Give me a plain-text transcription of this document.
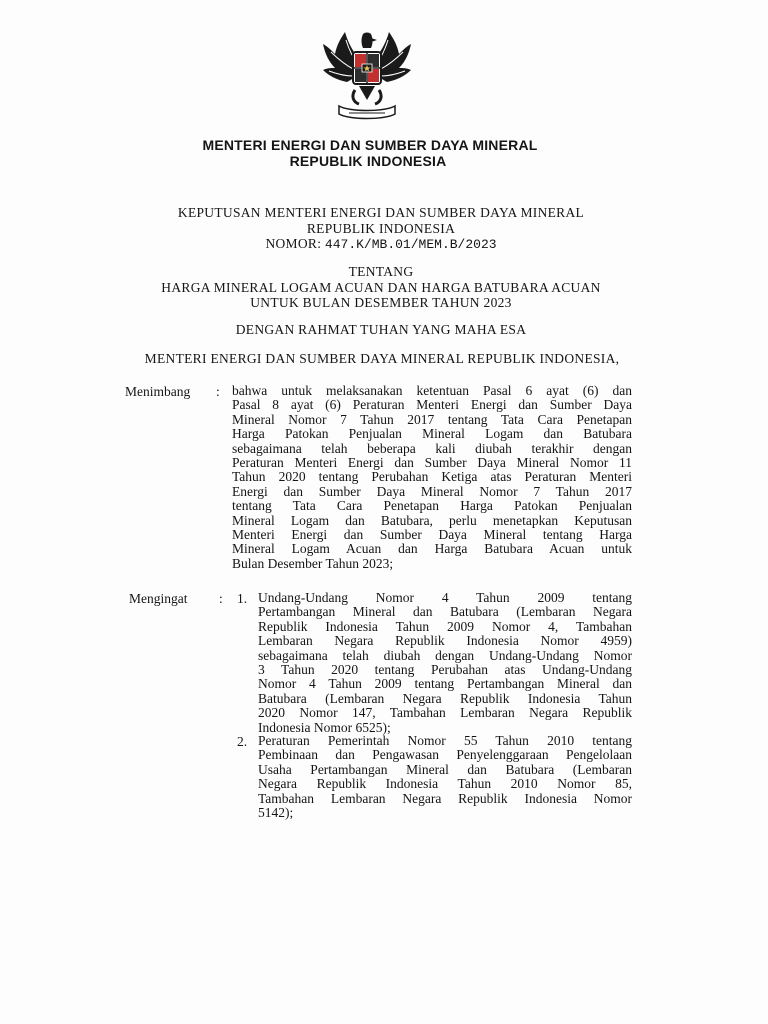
MENTERI ENERGI DAN SUMBER DAYA MINERAL
REPUBLIK INDONESIA
KEPUTUSAN MENTERI ENERGI DAN SUMBER DAYA MINERAL
REPUBLIK INDONESIA
NOMOR: 447.K/MB.01/MEM.B/2023
TENTANG
HARGA MINERAL LOGAM ACUAN DAN HARGA BATUBARA ACUAN
UNTUK BULAN DESEMBER TAHUN 2023
DENGAN RAHMAT TUHAN YANG MAHA ESA
MENTERI ENERGI DAN SUMBER DAYA MINERAL REPUBLIK INDONESIA,
Menimbang : bahwa untuk melaksanakan ketentuan Pasal 6 ayat (6) dan
Pasal 8 ayat (6) Peraturan Menteri Energi dan Sumber Daya
Mineral Nomor 7 Tahun 2017 tentang Tata Cara Penetapan
Harga Patokan Penjualan Mineral Logam dan Batubara
sebagaimana telah beberapa kali diubah terakhir dengan
Peraturan Menteri Energi dan Sumber Daya Mineral Nomor 11
Tahun 2020 tentang Perubahan Ketiga atas Peraturan Menteri
Energi dan Sumber Daya Mineral Nomor 7 Tahun 2017
tentang Tata Cara Penetapan Harga Patokan Penjualan
Mineral Logam dan Batubara, perlu menetapkan Keputusan
Menteri Energi dan Sumber Daya Mineral tentang Harga
Mineral Logam Acuan dan Harga Batubara Acuan untuk
Bulan Desember Tahun 2023;
Mengingat : 1. Undang-Undang Nomor 4 Tahun 2009 tentang
Pertambangan Mineral dan Batubara (Lembaran Negara
Republik Indonesia Tahun 2009 Nomor 4, Tambahan
Lembaran Negara Republik Indonesia Nomor 4959)
sebagaimana telah diubah dengan Undang-Undang Nomor
3 Tahun 2020 tentang Perubahan atas Undang-Undang
Nomor 4 Tahun 2009 tentang Pertambangan Mineral dan
Batubara (Lembaran Negara Republik Indonesia Tahun
2020 Nomor 147, Tambahan Lembaran Negara Republik
Indonesia Nomor 6525);
2. Peraturan Pemerintah Nomor 55 Tahun 2010 tentang
Pembinaan dan Pengawasan Penyelenggaraan Pengelolaan
Usaha Pertambangan Mineral dan Batubara (Lembaran
Negara Republik Indonesia Tahun 2010 Nomor 85,
Tambahan Lembaran Negara Republik Indonesia Nomor
5142);
